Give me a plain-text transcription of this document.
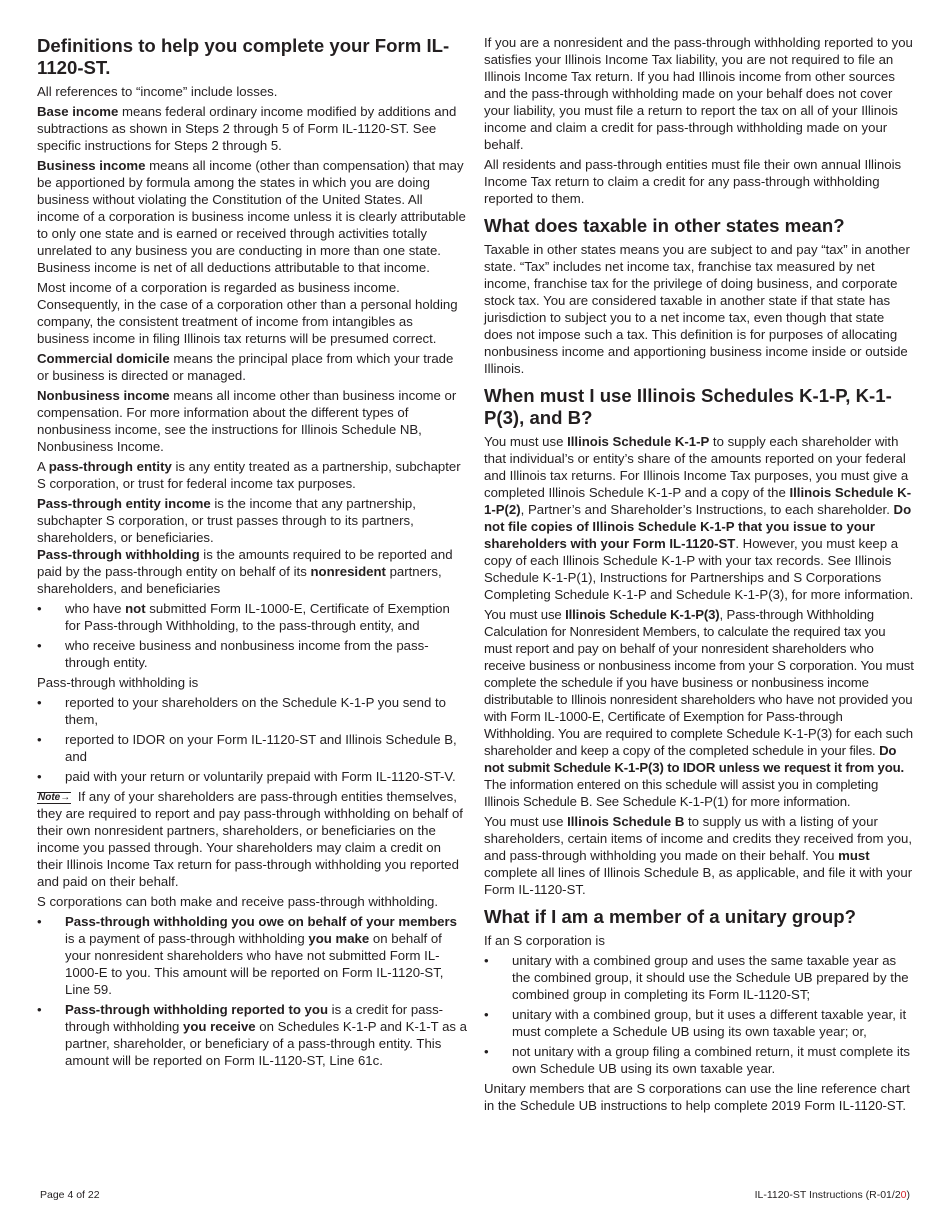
Definitions to help you complete your Form IL-1120-ST.

All references to “income” include losses.

Base income means federal ordinary income modified by additions and subtractions as shown in Steps 2 through 5 of Form IL-1120-ST. See specific instructions for Steps 2 through 5.

Business income means all income (other than compensation) that may be apportioned by formula among the states in which you are doing business without violating the Constitution of the United States. All income of a corporation is business income unless it is clearly attributable to only one state and is earned or received through activities totally unrelated to any business you are conducting in more than one state. Business income is net of all deductions attributable to that income.

Most income of a corporation is regarded as business income. Consequently, in the case of a corporation other than a personal holding company, the consistent treatment of income from intangibles as business income in filing Illinois tax returns will be presumed correct.

Commercial domicile means the principal place from which your trade or business is directed or managed.

Nonbusiness income means all income other than business income or compensation. For more information about the different types of nonbusiness income, see the instructions for Illinois Schedule NB, Nonbusiness Income.

A pass-through entity is any entity treated as a partnership, subchapter S corporation, or trust for federal income tax purposes.

Pass-through entity income is the income that any partnership, subchapter S corporation, or trust passes through to its partners, shareholders, or beneficiaries.

Pass-through withholding is the amounts required to be reported and paid by the pass-through entity on behalf of its nonresident partners, shareholders, and beneficiaries

• who have not submitted Form IL-1000-E, Certificate of Exemption for Pass-through Withholding, to the pass-through entity, and
• who receive business and nonbusiness income from the pass-through entity.

Pass-through withholding is

• reported to your shareholders on the Schedule K-1-P you send to them,
• reported to IDOR on your Form IL-1120-ST and Illinois Schedule B, and
• paid with your return or voluntarily prepaid with Form IL-1120-ST-V.

Note→ If any of your shareholders are pass-through entities themselves, they are required to report and pay pass-through withholding on behalf of their own nonresident partners, shareholders, or beneficiaries on the income you passed through. Your shareholders may claim a credit on their Illinois Income Tax return for pass-through withholding you reported and paid on their behalf.

S corporations can both make and receive pass-through withholding.

• Pass-through withholding you owe on behalf of your members is a payment of pass-through withholding you make on behalf of your nonresident shareholders who have not submitted Form IL-1000-E to you. This amount will be reported on Form IL-1120-ST, Line 59.
• Pass-through withholding reported to you is a credit for pass-through withholding you receive on Schedules K-1-P and K-1-T as a partner, shareholder, or beneficiary of a pass-through entity. This amount will be reported on Form IL-1120-ST, Line 61c.

If you are a nonresident and the pass-through withholding reported to you satisfies your Illinois Income Tax liability, you are not required to file an Illinois Income Tax return. If you had Illinois income from other sources and the pass-through withholding made on your behalf does not cover your liability, you must file a return to report the tax on all of your Illinois income and claim a credit for pass-through withholding made on your behalf.

All residents and pass-through entities must file their own annual Illinois Income Tax return to claim a credit for any pass-through withholding reported to them.

What does taxable in other states mean?

Taxable in other states means you are subject to and pay “tax” in another state. “Tax” includes net income tax, franchise tax measured by net income, franchise tax for the privilege of doing business, and corporate stock tax. You are considered taxable in another state if that state has jurisdiction to subject you to a net income tax, even though that state does not impose such a tax. This definition is for purposes of allocating nonbusiness income and apportioning business income inside or outside Illinois.

When must I use Illinois Schedules K-1-P, K-1-P(3), and B?

You must use Illinois Schedule K-1-P to supply each shareholder with that individual’s or entity’s share of the amounts reported on your federal and Illinois tax returns. For Illinois Income Tax purposes, you must give a completed Illinois Schedule K-1-P and a copy of the Illinois Schedule K-1-P(2), Partner’s and Shareholder’s Instructions, to each shareholder. Do not file copies of Illinois Schedule K-1-P that you issue to your shareholders with your Form IL-1120-ST. However, you must keep a copy of each Illinois Schedule K-1-P with your tax records. See Illinois Schedule K-1-P(1), Instructions for Partnerships and S Corporations Completing Schedule K-1-P and Schedule K-1-P(3), for more information.

You must use Illinois Schedule K-1-P(3), Pass-through Withholding Calculation for Nonresident Members, to calculate the required tax you must report and pay on behalf of your nonresident shareholders who receive business or nonbusiness income from your S corporation. You must complete the schedule if you have business or nonbusiness income distributable to Illinois nonresident shareholders who have not provided you with Form IL-1000-E, Certificate of Exemption for Pass-through Withholding. You are required to complete Schedule K-1-P(3) for each such shareholder and keep a copy of the completed schedule in your files. Do not submit Schedule K-1-P(3) to IDOR unless we request it from you. The information entered on this schedule will assist you in completing Illinois Schedule B. See Schedule K-1-P(1) for more information.

You must use Illinois Schedule B to supply us with a listing of your shareholders, certain items of income and credits they received from you, and pass-through withholding you made on their behalf. You must complete all lines of Illinois Schedule B, as applicable, and file it with your Form IL-1120-ST.

What if I am a member of a unitary group?

If an S corporation is

• unitary with a combined group and uses the same taxable year as the combined group, it should use the Schedule UB prepared by the combined group in completing its Form IL-1120-ST;
• unitary with a combined group, but it uses a different taxable year, it must complete a Schedule UB using its own taxable year; or,
• not unitary with a group filing a combined return, it must complete its own Schedule UB using its own taxable year.

Unitary members that are S corporations can use the line reference chart in the Schedule UB instructions to help complete 2019 Form IL-1120-ST.

Page 4 of 22	IL-1120-ST Instructions (R-01/20)
